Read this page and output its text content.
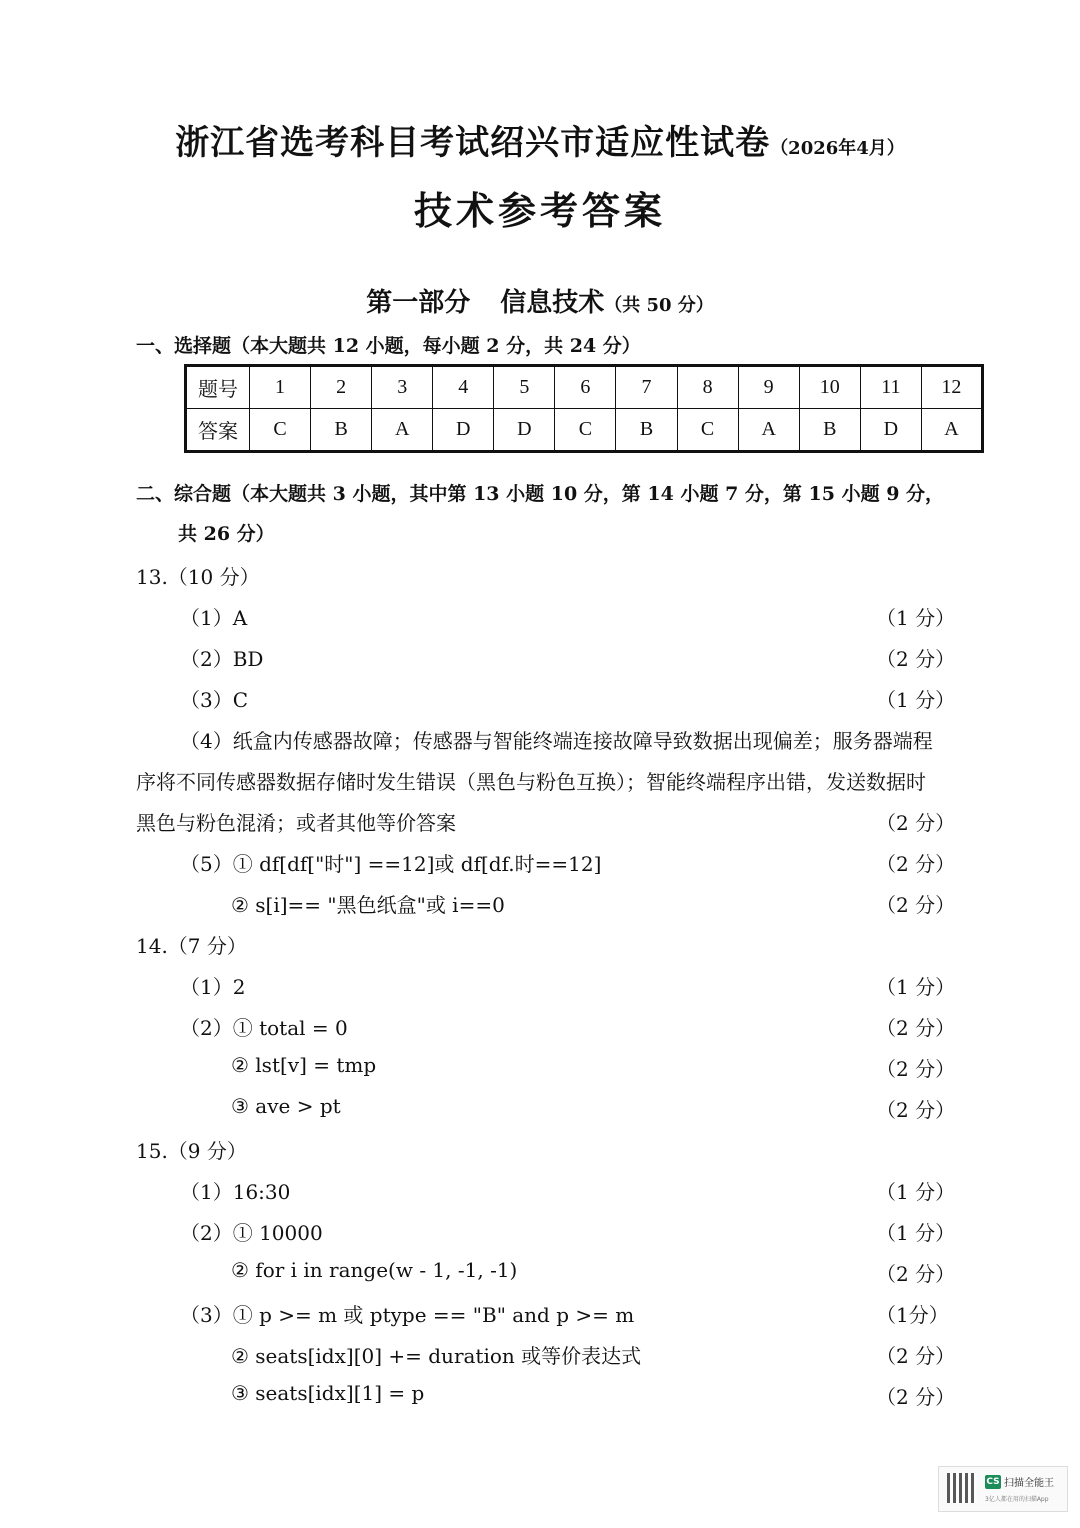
浙江省选考科目考试绍兴市适应性试卷（2026年4月）
技术参考答案
第一部分 信息技术（共 50 分）
一、选择题（本大题共 12 小题，每小题 2 分，共 24 分）
题号	1	2	3	4	5	6	7	8	9	10	11	12
答案	C	B	A	D	D	C	B	C	A	B	D	A
二、综合题（本大题共 3 小题，其中第 13 小题 10 分，第 14 小题 7 分，第 15 小题 9 分，
共 26 分）
13.（10 分）
（1）A	（1 分）
（2）BD	（2 分）
（3）C	（1 分）
（4）纸盒内传感器故障；传感器与智能终端连接故障导致数据出现偏差；服务器端程
序将不同传感器数据存储时发生错误（黑色与粉色互换）；智能终端程序出错，发送数据时
黑色与粉色混淆；或者其他等价答案	（2 分）
（5）① df[df["时"] ==12]或 df[df.时==12]	（2 分）
② s[i]== "黑色纸盒"或 i==0	（2 分）
14.（7 分）
（1）2	（1 分）
（2）① total = 0	（2 分）
② lst[v] = tmp	（2 分）
③ ave > pt	（2 分）
15.（9 分）
（1）16:30	（1 分）
（2）① 10000	（1 分）
② for i in range(w - 1, -1, -1)	（2 分）
（3）① p >= m 或 ptype == "B" and p >= m	（1分）
② seats[idx][0] += duration 或等价表达式	（2 分）
③ seats[idx][1] = p	（2 分）
CS 扫描全能王
3亿人都在用的扫描App
